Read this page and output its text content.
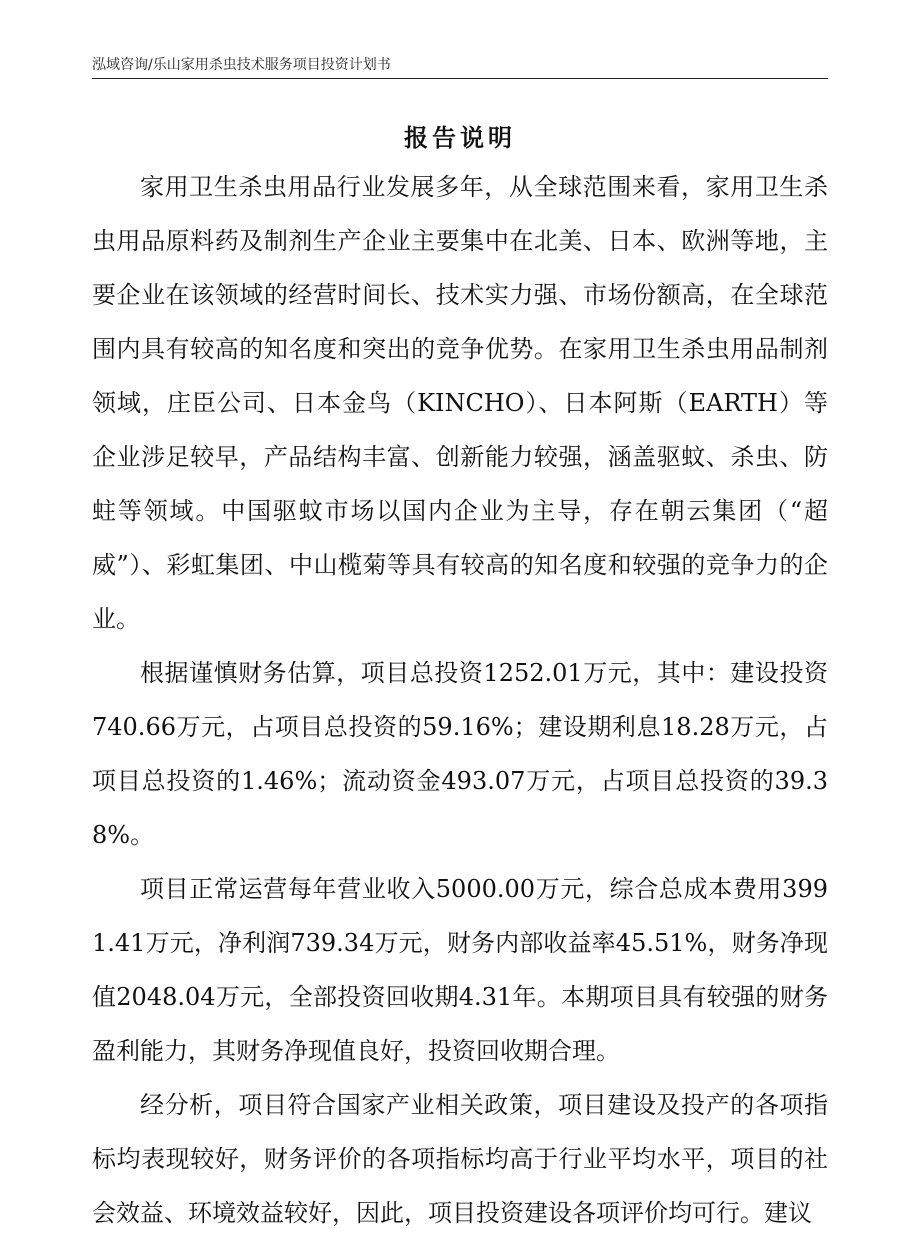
泓域咨询/乐山家用杀虫技术服务项目投资计划书
报告说明

家用卫生杀虫用品行业发展多年，从全球范围来看，家用卫生杀虫用品原料药及制剂生产企业主要集中在北美、日本、欧洲等地，主要企业在该领域的经营时间长、技术实力强、市场份额高，在全球范围内具有较高的知名度和突出的竞争优势。在家用卫生杀虫用品制剂领域，庄臣公司、日本金鸟（KINCHO）、日本阿斯（EARTH）等企业涉足较早，产品结构丰富、创新能力较强，涵盖驱蚊、杀虫、防蛀等领域。中国驱蚊市场以国内企业为主导，存在朝云集团（“超威”）、彩虹集团、中山榄菊等具有较高的知名度和较强的竞争力的企业。

根据谨慎财务估算，项目总投资1252.01万元，其中：建设投资740.66万元，占项目总投资的59.16%；建设期利息18.28万元，占项目总投资的1.46%；流动资金493.07万元，占项目总投资的39.38%。

项目正常运营每年营业收入5000.00万元，综合总成本费用3991.41万元，净利润739.34万元，财务内部收益率45.51%，财务净现值2048.04万元，全部投资回收期4.31年。本期项目具有较强的财务盈利能力，其财务净现值良好，投资回收期合理。

经分析，项目符合国家产业相关政策，项目建设及投产的各项指标均表现较好，财务评价的各项指标均高于行业平均水平，项目的社会效益、环境效益较好，因此，项目投资建设各项评价均可行。建议
